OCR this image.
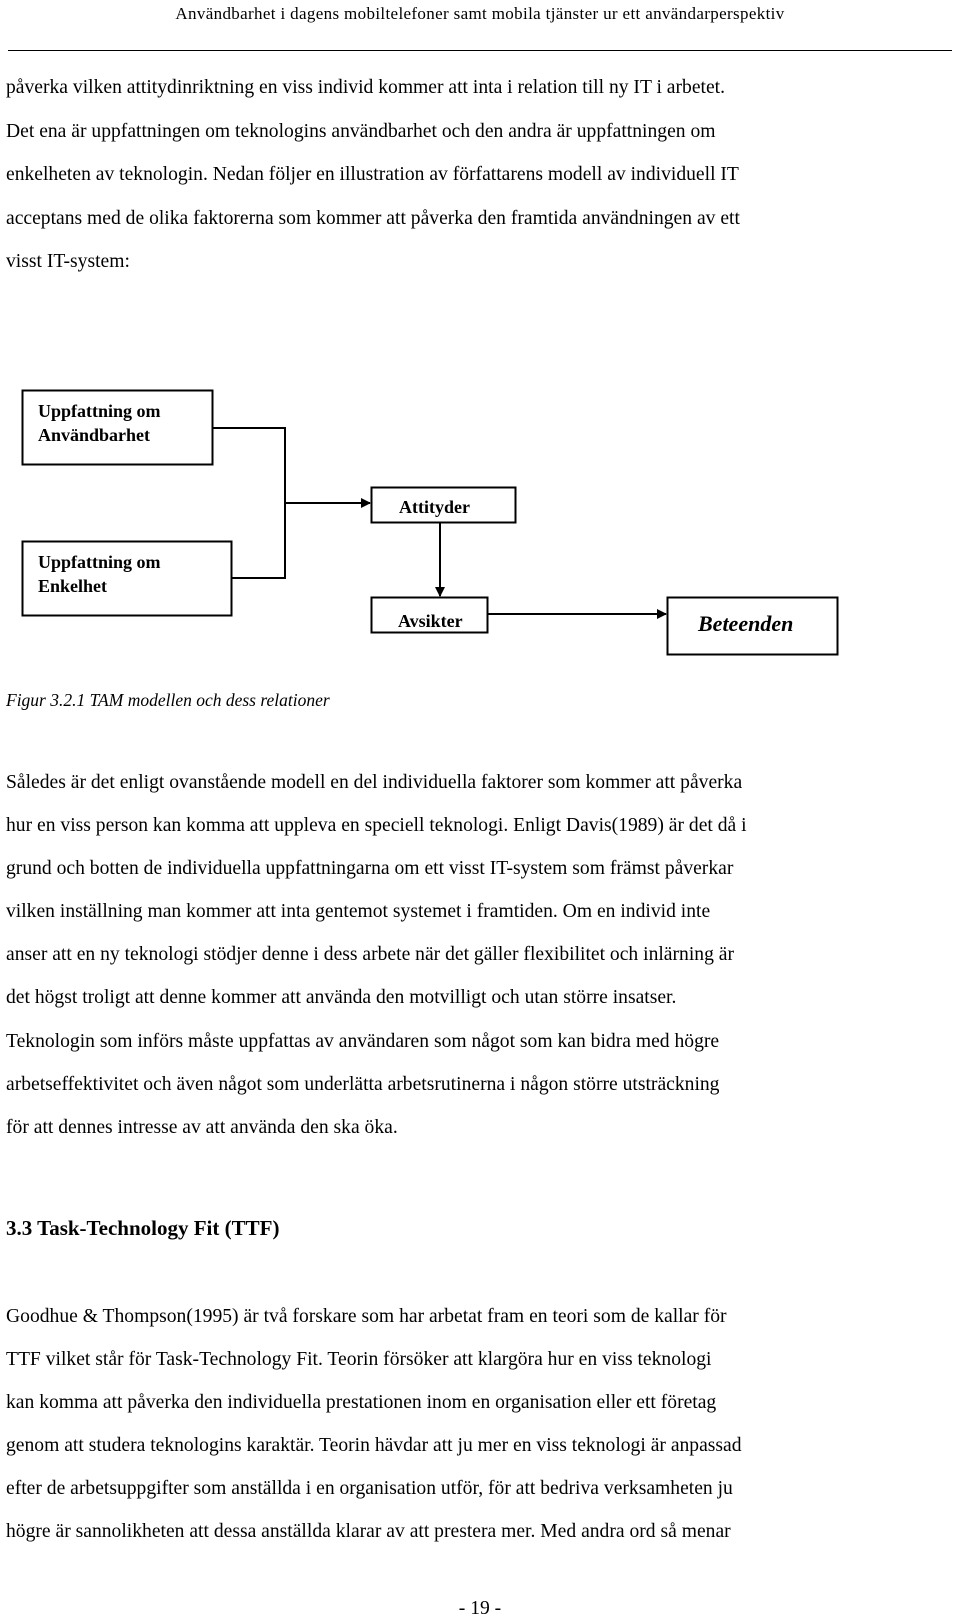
Användbarhet i dagens mobiltelefoner samt mobila tjänster ur ett användarperspektiv
påverka vilken attitydinriktning en viss individ kommer att inta i relation till ny IT i arbetet.
Det ena är uppfattningen om teknologins användbarhet och den andra är uppfattningen om
enkelheten av teknologin. Nedan följer en illustration av författarens modell av individuell IT
acceptans med de olika faktorerna som kommer att påverka den framtida användningen av ett
visst IT-system:
Uppfattning om
Användbarhet
Uppfattning om
Enkelhet
Attityder
Avsikter	Beteenden
Figur 3.2.1 TAM modellen och dess relationer
Således är det enligt ovanstående modell en del individuella faktorer som kommer att påverka
hur en viss person kan komma att uppleva en speciell teknologi. Enligt Davis(1989) är det då i
grund och botten de individuella uppfattningarna om ett visst IT-system som främst påverkar
vilken inställning man kommer att inta gentemot systemet i framtiden. Om en individ inte
anser att en ny teknologi stödjer denne i dess arbete när det gäller flexibilitet och inlärning är
det högst troligt att denne kommer att använda den motvilligt och utan större insatser.
Teknologin som införs måste uppfattas av användaren som något som kan bidra med högre
arbetseffektivitet och även något som underlätta arbetsrutinerna i någon större utsträckning
för att dennes intresse av att använda den ska öka.
3.3 Task-Technology Fit (TTF)
Goodhue & Thompson(1995) är två forskare som har arbetat fram en teori som de kallar för
TTF vilket står för Task-Technology Fit. Teorin försöker att klargöra hur en viss teknologi
kan komma att påverka den individuella prestationen inom en organisation eller ett företag
genom att studera teknologins karaktär. Teorin hävdar att ju mer en viss teknologi är anpassad
efter de arbetsuppgifter som anställda i en organisation utför, för att bedriva verksamheten ju
högre är sannolikheten att dessa anställda klarar av att prestera mer. Med andra ord så menar
- 19 -
